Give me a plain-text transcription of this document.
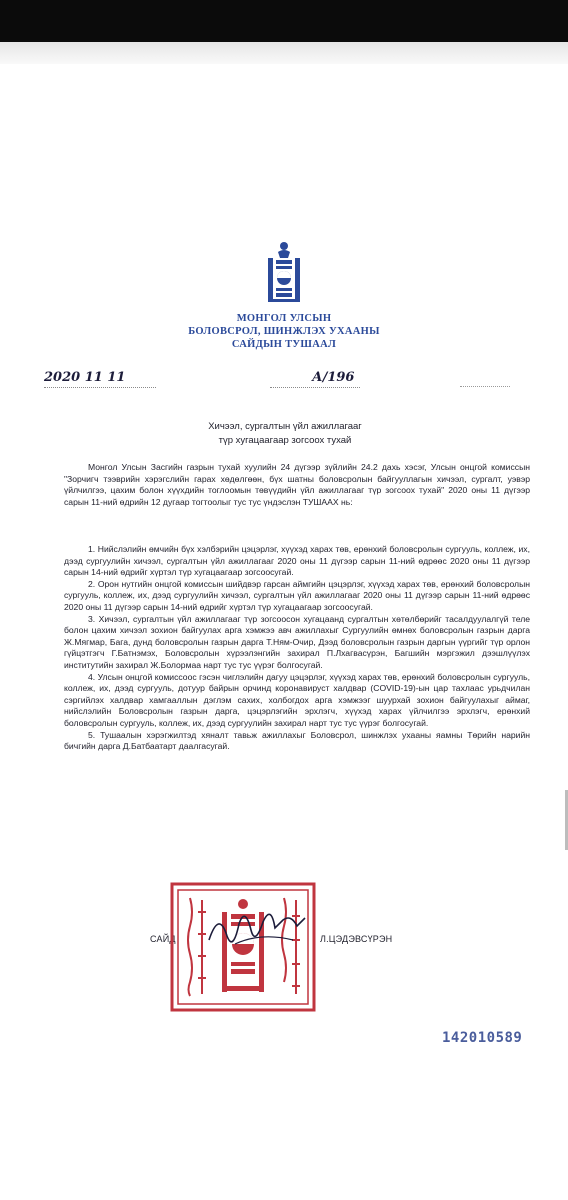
МОНГОЛ УЛСЫН
БОЛОВСРОЛ, ШИНЖЛЭХ УХААНЫ
САЙДЫН ТУШААЛ
2020 11 11	А/196
Хичээл, сургалтын үйл ажиллагааг
түр хугацаагаар зогсоох тухай

Монгол Улсын Засгийн газрын тухай хуулийн 24 дүгээр зүйлийн 24.2 дахь хэсэг, Улсын онцгой комиссын "Зорчигч тээврийн хэрэгслийн гарах хөдөлгөөн, бүх шатны боловсролын байгууллагын хичээл, сургалт, уэвэр үйлчилгээ, цахим болон хүүхдийн тоглоомын төвүүдийн үйл ажиллагааг түр зогсоох тухай" 2020 оны 11 дүгээр сарын 11-ний өдрийн 12 дугаар тогтоолыг тус тус үндэслэн ТУШААХ нь:

1. Нийслэлийн өмчийн бүх хэлбэрийн цэцэрлэг, хүүхэд харах төв, ерөнхий боловсролын сургууль, коллеж, их, дээд сургуулийн хичээл, сургалтын үйл ажиллагааг 2020 оны 11 дүгээр сарын 11-ний өдрөөс 2020 оны 11 дүгээр сарын 14-ний өдрийг хүртэл түр хугацаагаар зогсоосугай.

2. Орон нутгийн онцгой комиссын шийдвэр гарсан аймгийн цэцэрлэг, хүүхэд харах төв, ерөнхий боловсролын сургууль, коллеж, их, дээд сургуулийн хичээл, сургалтын үйл ажиллагааг 2020 оны 11 дүгээр сарын 11-ний өдрөөс 2020 оны 11 дүгээр сарын 14-ний өдрийг хүртэл түр хугацаагаар зогсоосугай.

3. Хичээл, сургалтын үйл ажиллагааг түр зогсоосон хугацаанд сургалтын хөтөлбөрийг тасалдуулалгүй теле болон цахим хичээл зохион байгуулах арга хэмжээ авч ажиллахыг Сургуулийн өмнөх боловсролын газрын дарга Ж.Мягмар, Бага, дунд боловсролын газрын дарга Т.Ням-Очир, Дээд боловсролын газрын даргын үүргийг түр орлон гүйцэтгэгч Г.Батнэмэх, Боловсролын хүрээлэнгийн захирал П.Лхагвасүрэн, Багшийн мэргэжил дээшлүүлэх институтийн захирал Ж.Болормаа нарт тус тус үүрэг болгосугай.

4. Улсын онцгой комиссоос гэсэн чиглэлийн дагуу цэцэрлэг, хүүхэд харах төв, ерөнхий боловсролын сургууль, коллеж, их, дээд сургууль, дотуур байрын орчинд коронавируст халдвар (COVID-19)-ын цар тахлаас урьдчилан сэргийлэх халдвар хамгааллын дэглэм сахих, холбогдох арга хэмжээг шуурхай зохион байгуулахыг аймаг, нийслэлийн Боловсролын газрын дарга, цэцэрлэгийн эрхлэгч, хүүхэд харах үйлчилгээ эрхлэгч, ерөнхий боловсролын сургууль, коллеж, их, дээд сургуулийн захирал нарт тус тус үүрэг болгосугай.

5. Тушаалын хэрэгжилтэд хяналт тавьж ажиллахыг Боловсрол, шинжлэх ухааны яамны Төрийн нарийн бичгийн дарга Д.Батбаатарт даалгасугай.

САЙД	Л.ЦЭДЭВСҮРЭН
142010589
